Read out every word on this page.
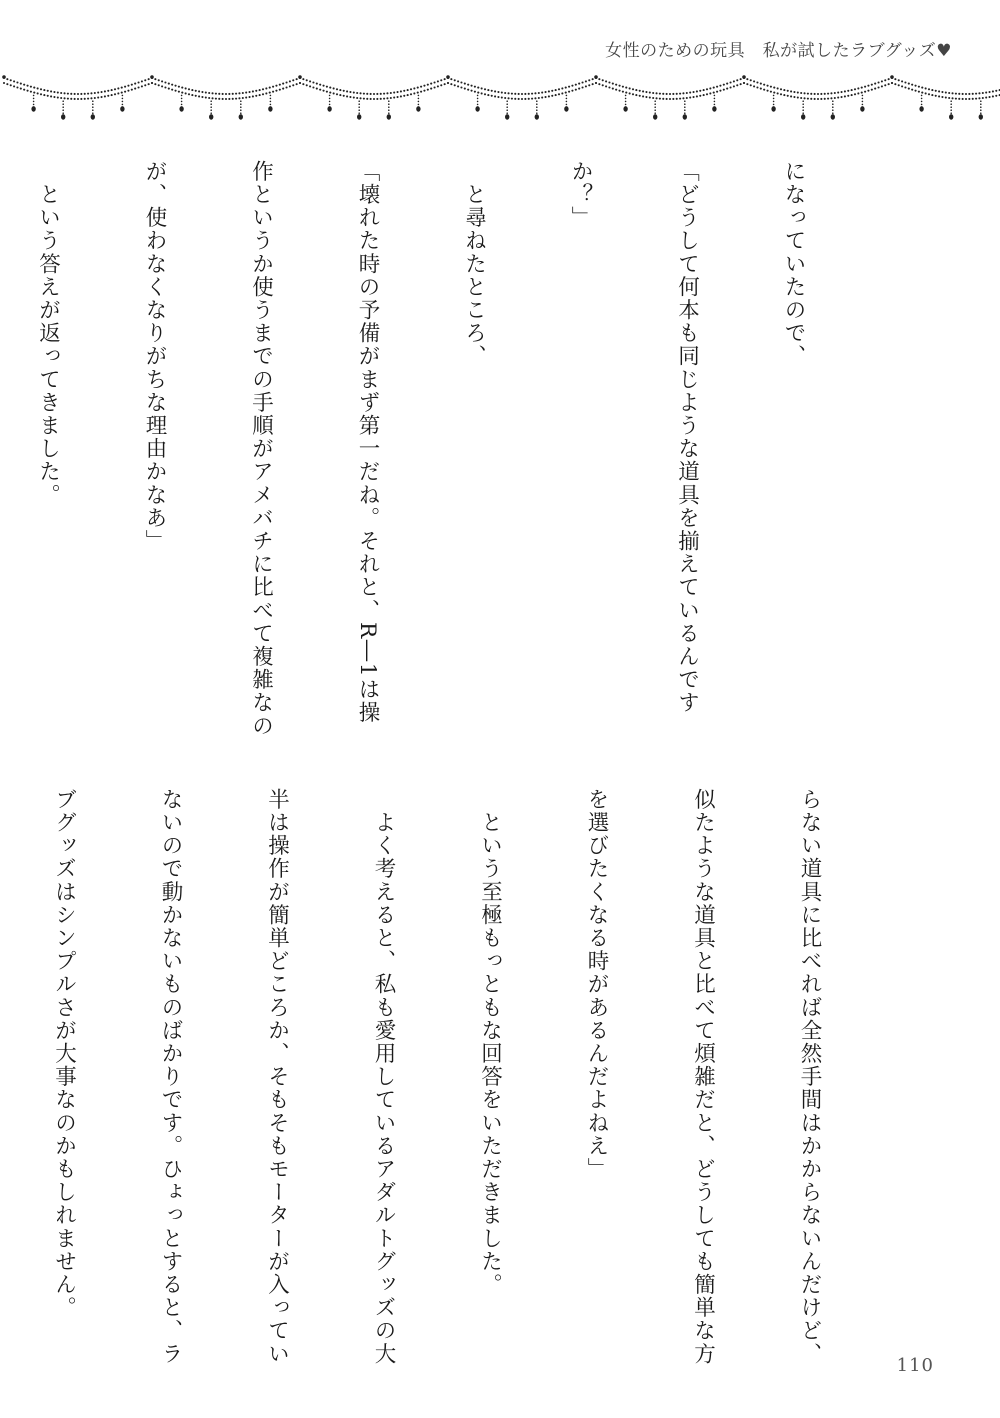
女性のための玩具　私が試したラブグッズ♥

になっていたので、

「どうして何本も同じような道具を揃えているんです

か？」

　と尋ねたところ、

「壊れた時の予備がまず第一だね。それと、R―1は操

作というか使うまでの手順がアメバチに比べて複雑なの

が、使わなくなりがちな理由かなあ」

　という答えが返ってきました。

らない道具に比べれば全然手間はかからないんだけど、

似たような道具と比べて煩雑だと、どうしても簡単な方

を選びたくなる時があるんだよねえ」

　という至極もっともな回答をいただきました。

　よく考えると、私も愛用しているアダルトグッズの大

半は操作が簡単どころか、そもそもモーターが入ってい

ないので動かないものばかりです。ひょっとすると、ラ

ブグッズはシンプルさが大事なのかもしれません。

110
